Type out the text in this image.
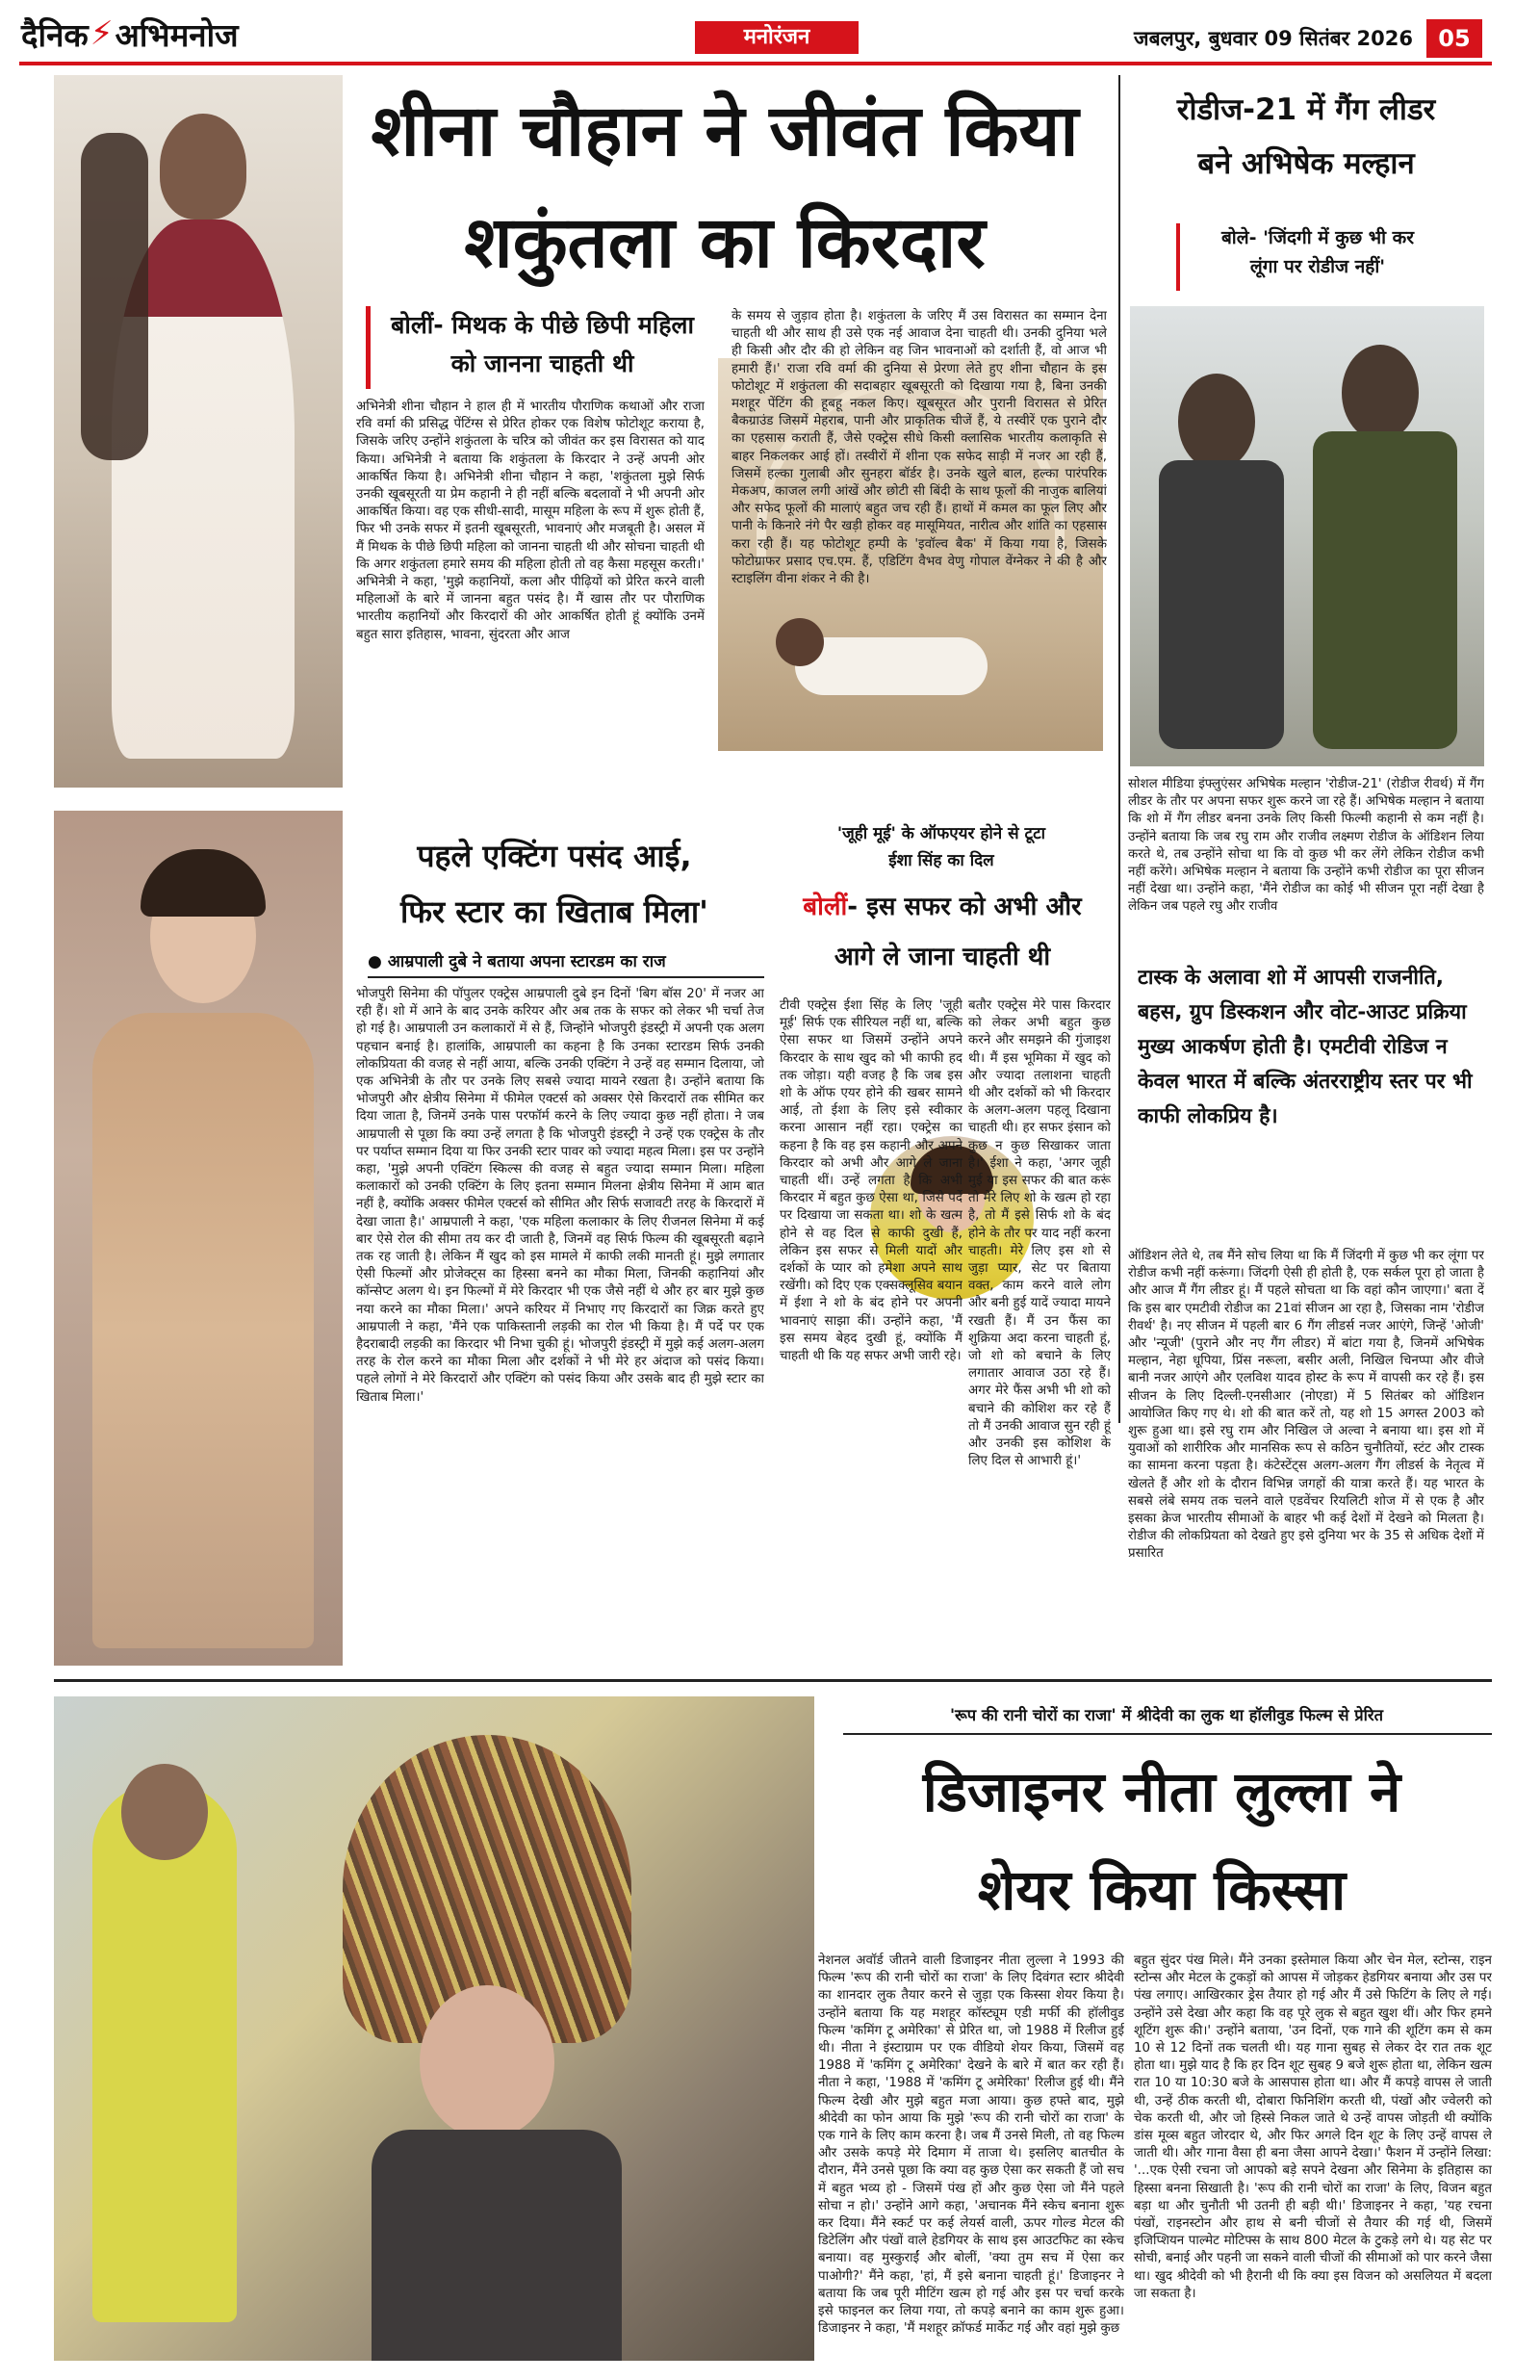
दैनिक ⚡ अभिमनोज	मनोरंजन	जबलपुर, बुधवार 09 सितंबर 2026	05
शीना चौहान ने जीवंत किया
शकुंतला का किरदार
बोलीं- मिथक के पीछे छिपी महिला
को जानना चाहती थी
अभिनेत्री शीना चौहान ने हाल ही में भारतीय पौराणिक कथाओं और राजा रवि वर्मा की प्रसिद्ध पेंटिंग्स से प्रेरित होकर एक विशेष फोटोशूट कराया है, जिसके जरिए उन्होंने शकुंतला के चरित्र को जीवंत कर इस विरासत को याद किया। अभिनेत्री ने बताया कि शकुंतला के किरदार ने उन्हें अपनी ओर आकर्षित किया है। अभिनेत्री शीना चौहान ने कहा, 'शकुंतला मुझे सिर्फ उनकी खूबसूरती या प्रेम कहानी ने ही नहीं बल्कि बदलावों ने भी अपनी ओर आकर्षित किया। वह एक सीधी-सादी, मासूम महिला के रूप में शुरू होती हैं, फिर भी उनके सफर में इतनी खूबसूरती, भावनाएं और मजबूती है। असल में मैं मिथक के पीछे छिपी महिला को जानना चाहती थी और सोचना चाहती थी कि अगर शकुंतला हमारे समय की महिला होती तो वह कैसा महसूस करती।' अभिनेत्री ने कहा, 'मुझे कहानियों, कला और पीढ़ियों को प्रेरित करने वाली महिलाओं के बारे में जानना बहुत पसंद है। मैं खास तौर पर पौराणिक भारतीय कहानियों और किरदारों की ओर आकर्षित होती हूं क्योंकि उनमें बहुत सारा इतिहास, भावना, सुंदरता और आज
के समय से जुड़ाव होता है। शकुंतला के जरिए मैं उस विरासत का सम्मान देना चाहती थी और साथ ही उसे एक नई आवाज देना चाहती थी। उनकी दुनिया भले ही किसी और दौर की हो लेकिन वह जिन भावनाओं को दर्शाती हैं, वो आज भी हमारी हैं।' राजा रवि वर्मा की दुनिया से प्रेरणा लेते हुए शीना चौहान के इस फोटोशूट में शकुंतला की सदाबहार खूबसूरती को दिखाया गया है, बिना उनकी मशहूर पेंटिंग की हूबहू नकल किए। खूबसूरत और पुरानी विरासत से प्रेरित बैकग्राउंड जिसमें मेहराब, पानी और प्राकृतिक चीजें हैं, ये तस्वीरें एक पुराने दौर का एहसास कराती हैं, जैसे एक्ट्रेस सीधे किसी क्लासिक भारतीय कलाकृति से बाहर निकलकर आई हों। तस्वीरों में शीना एक सफेद साड़ी में नजर आ रही हैं, जिसमें हल्का गुलाबी और सुनहरा बॉर्डर है। उनके खुले बाल, हल्का पारंपरिक मेकअप, काजल लगी आंखें और छोटी सी बिंदी के साथ फूलों की नाजुक बालियां और सफेद फूलों की मालाएं बहुत जच रही हैं। हाथों में कमल का फूल लिए और पानी के किनारे नंगे पैर खड़ी होकर वह मासूमियत, नारीत्व और शांति का एहसास करा रही हैं। यह फोटोशूट हम्पी के 'इवॉल्व बैक' में किया गया है, जिसके फोटोग्राफर प्रसाद एच.एम. हैं, एडिटिंग वैभव वेणु गोपाल वेंग्नेकर ने की है और स्टाइलिंग वीना शंकर ने की है।
रोडीज-21 में गैंग लीडर
बने अभिषेक मल्हान
बोले- 'जिंदगी में कुछ भी कर
लूंगा पर रोडीज नहीं'
सोशल मीडिया इंफ्लुएंसर अभिषेक मल्हान 'रोडीज-21' (रोडीज रीवर्थ) में गैंग लीडर के तौर पर अपना सफर शुरू करने जा रहे हैं। अभिषेक मल्हान ने बताया कि शो में गैंग लीडर बनना उनके लिए किसी फिल्मी कहानी से कम नहीं है। उन्होंने बताया कि जब रघु राम और राजीव लक्ष्मण रोडीज के ऑडिशन लिया करते थे, तब उन्होंने सोचा था कि वो कुछ भी कर लेंगे लेकिन रोडीज कभी नहीं करेंगे। अभिषेक मल्हान ने बताया कि उन्होंने कभी रोडीज का पूरा सीजन नहीं देखा था। उन्होंने कहा, 'मैंने रोडीज का कोई भी सीजन पूरा नहीं देखा है लेकिन जब पहले रघु और राजीव
टास्क के अलावा शो में आपसी राजनीति, बहस, ग्रुप डिस्कशन और वोट-आउट प्रक्रिया मुख्य आकर्षण होती है। एमटीवी रोडिज न केवल भारत में बल्कि अंतरराष्ट्रीय स्तर पर भी काफी लोकप्रिय है।
ऑडिशन लेते थे, तब मैंने सोच लिया था कि मैं जिंदगी में कुछ भी कर लूंगा पर रोडीज कभी नहीं करूंगा। जिंदगी ऐसी ही होती है, एक सर्कल पूरा हो जाता है और आज मैं गैंग लीडर हूं। मैं पहले सोचता था कि वहां कौन जाएगा।' बता दें कि इस बार एमटीवी रोडीज का 21वां सीजन आ रहा है, जिसका नाम 'रोडीज रीवर्थ' है। नए सीजन में पहली बार 6 गैंग लीडर्स नजर आएंगे, जिन्हें 'ओजी' और 'न्यूजी' (पुराने और नए गैंग लीडर) में बांटा गया है, जिनमें अभिषेक मल्हान, नेहा धूपिया, प्रिंस नरूला, बसीर अली, निखिल चिनप्पा और वीजे बानी नजर आएंगे और एलविश यादव होस्ट के रूप में वापसी कर रहे हैं। इस सीजन के लिए दिल्ली-एनसीआर (नोएडा) में 5 सितंबर को ऑडिशन आयोजित किए गए थे। शो की बात करें तो, यह शो 15 अगस्त 2003 को शुरू हुआ था। इसे रघु राम और निखिल जे अल्वा ने बनाया था। इस शो में युवाओं को शारीरिक और मानसिक रूप से कठिन चुनौतियों, स्टंट और टास्क का सामना करना पड़ता है। कंटेस्टेंट्स अलग-अलग गैंग लीडर्स के नेतृत्व में खेलते हैं और शो के दौरान विभिन्न जगहों की यात्रा करते हैं। यह भारत के सबसे लंबे समय तक चलने वाले एडवेंचर रियलिटी शोज में से एक है और इसका क्रेज भारतीय सीमाओं के बाहर भी कई देशों में देखने को मिलता है। रोडीज की लोकप्रियता को देखते हुए इसे दुनिया भर के 35 से अधिक देशों में प्रसारित
पहले एक्टिंग पसंद आई,
फिर स्टार का खिताब मिला'
● आम्रपाली दुबे ने बताया अपना स्टारडम का राज
भोजपुरी सिनेमा की पॉपुलर एक्ट्रेस आम्रपाली दुबे इन दिनों 'बिग बॉस 20' में नजर आ रही हैं। शो में आने के बाद उनके करियर और अब तक के सफर को लेकर भी चर्चा तेज हो गई है। आम्रपाली उन कलाकारों में से हैं, जिन्होंने भोजपुरी इंडस्ट्री में अपनी एक अलग पहचान बनाई है। हालांकि, आम्रपाली का कहना है कि उनका स्टारडम सिर्फ उनकी लोकप्रियता की वजह से नहीं आया, बल्कि उनकी एक्टिंग ने उन्हें वह सम्मान दिलाया, जो एक अभिनेत्री के तौर पर उनके लिए सबसे ज्यादा मायने रखता है। उन्होंने बताया कि भोजपुरी और क्षेत्रीय सिनेमा में फीमेल एक्टर्स को अक्सर ऐसे किरदारों तक सीमित कर दिया जाता है, जिनमें उनके पास परफॉर्म करने के लिए ज्यादा कुछ नहीं होता। ने जब आम्रपाली से पूछा कि क्या उन्हें लगता है कि भोजपुरी इंडस्ट्री ने उन्हें एक एक्ट्रेस के तौर पर पर्याप्त सम्मान दिया या फिर उनकी स्टार पावर को ज्यादा महत्व मिला। इस पर उन्होंने कहा, 'मुझे अपनी एक्टिंग स्किल्स की वजह से बहुत ज्यादा सम्मान मिला। महिला कलाकारों को उनकी एक्टिंग के लिए इतना सम्मान मिलना क्षेत्रीय सिनेमा में आम बात नहीं है, क्योंकि अक्सर फीमेल एक्टर्स को सीमित और सिर्फ सजावटी तरह के किरदारों में देखा जाता है।' आम्रपाली ने कहा, 'एक महिला कलाकार के लिए रीजनल सिनेमा में कई बार ऐसे रोल की सीमा तय कर दी जाती है, जिनमें वह सिर्फ फिल्म की खूबसूरती बढ़ाने तक रह जाती है। लेकिन मैं खुद को इस मामले में काफी लकी मानती हूं। मुझे लगातार ऐसी फिल्मों और प्रोजेक्ट्स का हिस्सा बनने का मौका मिला, जिनकी कहानियां और कॉन्सेप्ट अलग थे। इन फिल्मों में मेरे किरदार भी एक जैसे नहीं थे और हर बार मुझे कुछ नया करने का मौका मिला।' अपने करियर में निभाए गए किरदारों का जिक्र करते हुए आम्रपाली ने कहा, 'मैंने एक पाकिस्तानी लड़की का रोल भी किया है। मैं पर्दे पर एक हैदराबादी लड़की का किरदार भी निभा चुकी हूं। भोजपुरी इंडस्ट्री में मुझे कई अलग-अलग तरह के रोल करने का मौका मिला और दर्शकों ने भी मेरे हर अंदाज को पसंद किया। पहले लोगों ने मेरे किरदारों और एक्टिंग को पसंद किया और उसके बाद ही मुझे स्टार का खिताब मिला।'
'जूही मूई' के ऑफएयर होने से टूटा
ईशा सिंह का दिल
बोलीं- इस सफर को अभी और
आगे ले जाना चाहती थी
टीवी एक्ट्रेस ईशा सिंह के लिए 'जूही मूई' सिर्फ एक सीरियल नहीं था, बल्कि ऐसा सफर था जिसमें उन्होंने अपने किरदार के साथ खुद को भी काफी हद तक जोड़ा। यही वजह है कि जब इस शो के ऑफ एयर होने की खबर सामने आई, तो ईशा के लिए इसे स्वीकार करना आसान नहीं रहा। एक्ट्रेस का कहना है कि वह इस कहानी और अपने किरदार को अभी और आगे ले जाना चाहती थीं। उन्हें लगता है कि अभी किरदार में बहुत कुछ ऐसा था, जिसे पर्दे पर दिखाया जा सकता था। शो के खत्म होने से वह दिल से काफी दुखी हैं, लेकिन इस सफर से मिली यादों और दर्शकों के प्यार को हमेशा अपने साथ रखेंगी। को दिए एक एक्सक्लूसिव बयान में ईशा ने शो के बंद होने पर अपनी भावनाएं साझा कीं। उन्होंने कहा, 'मैं इस समय बेहद दुखी हूं, क्योंकि मैं चाहती थी कि यह सफर अभी जारी रहे।
बतौर एक्ट्रेस मेरे पास किरदार को लेकर अभी बहुत कुछ करने और समझने की गुंजाइश थी। मैं इस भूमिका में खुद को और ज्यादा तलाशना चाहती थी और दर्शकों को भी किरदार के अलग-अलग पहलू दिखाना चाहती थी। हर सफर इंसान को कुछ न कुछ सिखाकर जाता है।' ईशा ने कहा, 'अगर जूही मुई या इस सफर की बात करूं तो मेरे लिए शो के खत्म हो रहा है, तो मैं इसे सिर्फ शो के बंद होने के तौर पर याद नहीं करना चाहती। मेरे लिए इस शो से जुड़ा प्यार, सेट पर बिताया वक्त, काम करने वाले लोग और बनी हुई यादें ज्यादा मायने रखती हैं। मैं उन फैंस का शुक्रिया अदा करना चाहती हूं, जो शो को बचाने के लिए लगातार आवाज उठा रहे हैं। अगर मेरे फैंस अभी भी शो को बचाने की कोशिश कर रहे हैं तो मैं उनकी आवाज सुन रही हूं और उनकी इस कोशिश के लिए दिल से आभारी हूं।'
'रूप की रानी चोरों का राजा' में श्रीदेवी का लुक था हॉलीवुड फिल्म से प्रेरित
डिजाइनर नीता लुल्ला ने
शेयर किया किस्सा
नेशनल अवॉर्ड जीतने वाली डिजाइनर नीता लुल्ला ने 1993 की फिल्म 'रूप की रानी चोरों का राजा' के लिए दिवंगत स्टार श्रीदेवी का शानदार लुक तैयार करने से जुड़ा एक किस्सा शेयर किया है। उन्होंने बताया कि यह मशहूर कॉस्ट्यूम एडी मर्फी की हॉलीवुड फिल्म 'कमिंग टू अमेरिका' से प्रेरित था, जो 1988 में रिलीज हुई थी। नीता ने इंस्टाग्राम पर एक वीडियो शेयर किया, जिसमें वह 1988 में 'कमिंग टू अमेरिका' देखने के बारे में बात कर रही हैं। नीता ने कहा, '1988 में 'कमिंग टू अमेरिका' रिलीज हुई थी। मैंने फिल्म देखी और मुझे बहुत मजा आया। कुछ हफ्ते बाद, मुझे श्रीदेवी का फोन आया कि मुझे 'रूप की रानी चोरों का राजा' के एक गाने के लिए काम करना है। जब मैं उनसे मिली, तो वह फिल्म और उसके कपड़े मेरे दिमाग में ताजा थे। इसलिए बातचीत के दौरान, मैंने उनसे पूछा कि क्या वह कुछ ऐसा कर सकती हैं जो सच में बहुत भव्य हो - जिसमें पंख हों और कुछ ऐसा जो मैंने पहले सोचा न हो।' उन्होंने आगे कहा, 'अचानक मैंने स्केच बनाना शुरू कर दिया। मैंने स्कर्ट पर कई लेयर्स वाली, ऊपर गोल्ड मेटल की डिटेलिंग और पंखों वाले हेडगियर के साथ इस आउटफिट का स्केच बनाया। वह मुस्कुराईं और बोलीं, 'क्या तुम सच में ऐसा कर पाओगी?' मैंने कहा, 'हां, मैं इसे बनाना चाहती हूं।' डिजाइनर ने बताया कि जब पूरी मीटिंग खत्म हो गई और इस पर चर्चा करके इसे फाइनल कर लिया गया, तो कपड़े बनाने का काम शुरू हुआ। डिजाइनर ने कहा, 'मैं मशहूर क्रॉफर्ड मार्केट गई और वहां मुझे कुछ
बहुत सुंदर पंख मिले। मैंने उनका इस्तेमाल किया और चेन मेल, स्टोन्स, राइन स्टोन्स और मेटल के टुकड़ों को आपस में जोड़कर हेडगियर बनाया और उस पर पंख लगाए। आखिरकार ड्रेस तैयार हो गई और मैं उसे फिटिंग के लिए ले गई। उन्होंने उसे देखा और कहा कि वह पूरे लुक से बहुत खुश थीं। और फिर हमने शूटिंग शुरू की।' उन्होंने बताया, 'उन दिनों, एक गाने की शूटिंग कम से कम 10 से 12 दिनों तक चलती थी। यह गाना सुबह से लेकर देर रात तक शूट होता था। मुझे याद है कि हर दिन शूट सुबह 9 बजे शुरू होता था, लेकिन खत्म रात 10 या 10:30 बजे के आसपास होता था। और मैं कपड़े वापस ले जाती थी, उन्हें ठीक करती थी, दोबारा फिनिशिंग करती थी, पंखों और ज्वेलरी को चेक करती थी, और जो हिस्से निकल जाते थे उन्हें वापस जोड़ती थी क्योंकि डांस मूव्स बहुत जोरदार थे, और फिर अगले दिन शूट के लिए उन्हें वापस ले जाती थी। और गाना वैसा ही बना जैसा आपने देखा।' फैशन में उन्होंने लिखा: '...एक ऐसी रचना जो आपको बड़े सपने देखना और सिनेमा के इतिहास का हिस्सा बनना सिखाती है। 'रूप की रानी चोरों का राजा' के लिए, विजन बहुत बड़ा था और चुनौती भी उतनी ही बड़ी थी।' डिजाइनर ने कहा, 'यह रचना पंखों, राइनस्टोन और हाथ से बनी चीजों से तैयार की गई थी, जिसमें इजिप्शियन पाल्मेट मोटिफ्स के साथ 800 मेटल के टुकड़े लगे थे। यह सेट पर सोची, बनाई और पहनी जा सकने वाली चीजों की सीमाओं को पार करने जैसा था। खुद श्रीदेवी को भी हैरानी थी कि क्या इस विजन को असलियत में बदला जा सकता है।
